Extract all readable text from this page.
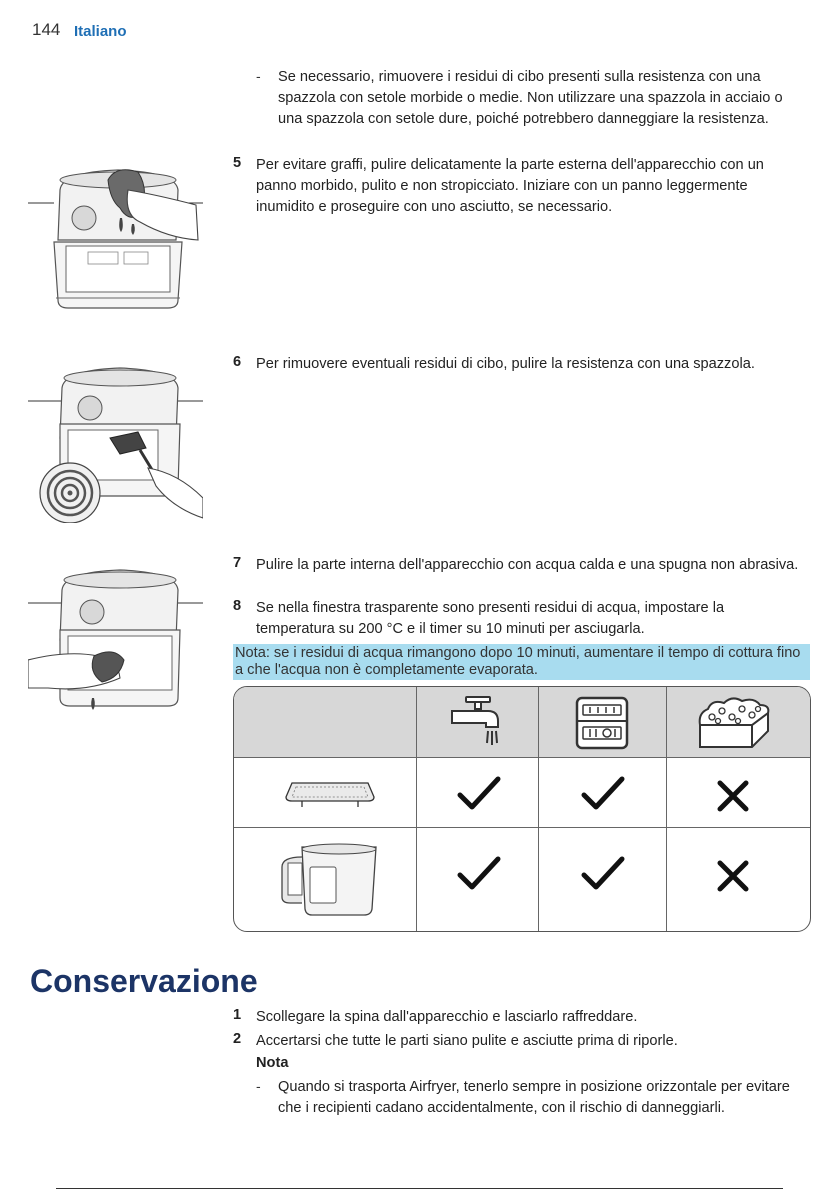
144 Italiano
- Se necessario, rimuovere i residui di cibo presenti sulla resistenza con una spazzola con setole morbide o medie. Non utilizzare una spazzola in acciaio o una spazzola con setole dure, poiché potrebbero danneggiare la resistenza.
5 Per evitare graffi, pulire delicatamente la parte esterna dell'apparecchio con un panno morbido, pulito e non stropicciato. Iniziare con un panno leggermente inumidito e proseguire con uno asciutto, se necessario.
6 Per rimuovere eventuali residui di cibo, pulire la resistenza con una spazzola.
7 Pulire la parte interna dell'apparecchio con acqua calda e una spugna non abrasiva.
8 Se nella finestra trasparente sono presenti residui di acqua, impostare la temperatura su 200 °C e il timer su 10 minuti per asciugarla.
Nota: se i residui di acqua rimangono dopo 10 minuti, aumentare il tempo di cottura fino a che l'acqua non è completamente evaporata.
Conservazione
1 Scollegare la spina dall'apparecchio e lasciarlo raffreddare.
2 Accertarsi che tutte le parti siano pulite e asciutte prima di riporle.
Nota
- Quando si trasporta Airfryer, tenerlo sempre in posizione orizzontale per evitare che i recipienti cadano accidentalmente, con il rischio di danneggiarli.
